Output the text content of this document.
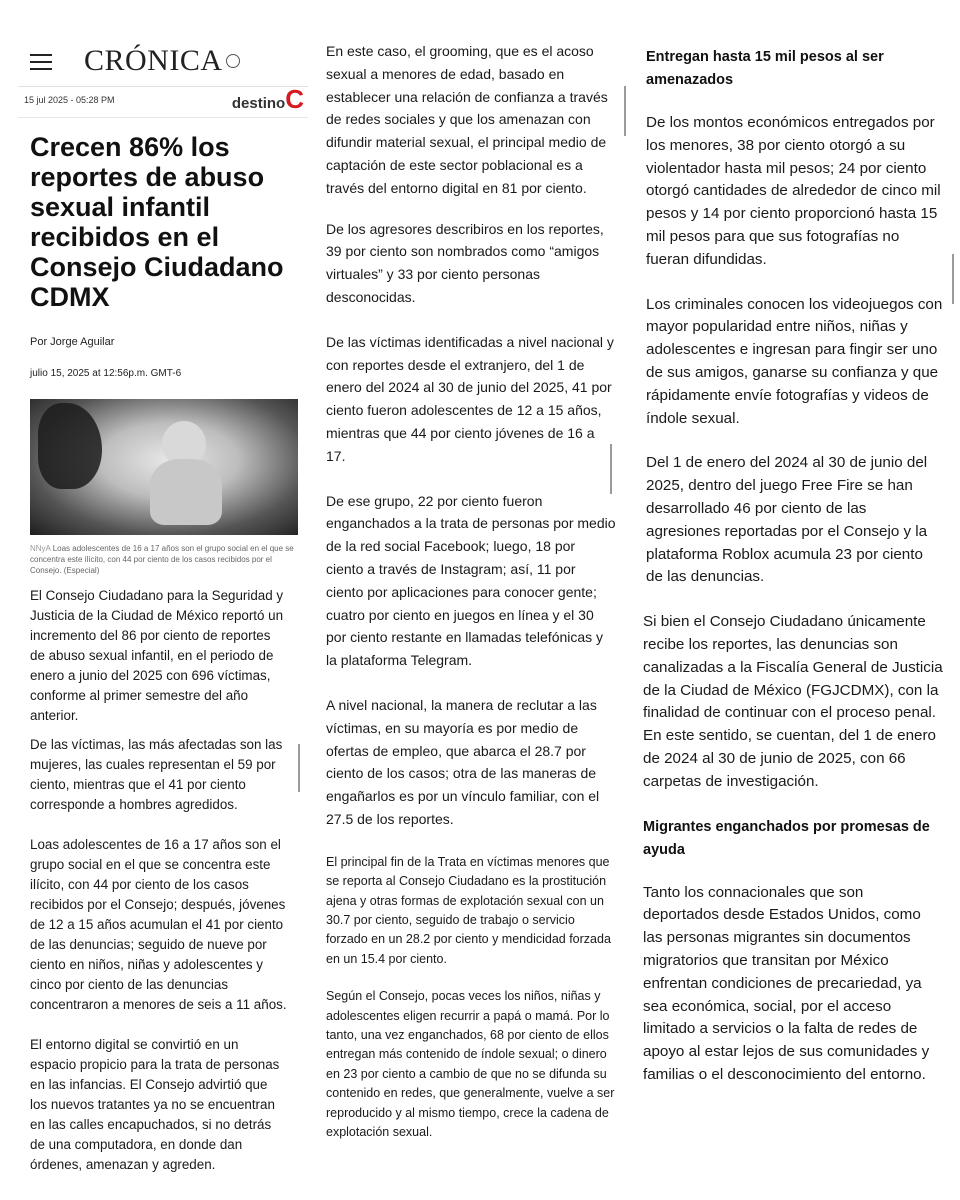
CRÓNICA
15 jul 2025 - 05:28 PM	destinoC
Crecen 86% los reportes de abuso sexual infantil recibidos en el Consejo Ciudadano CDMX
Por Jorge Aguilar
julio 15, 2025 at 12:56p.m. GMT-6
NNyA Loas adolescentes de 16 a 17 años son el grupo social en el que se concentra este ilícito, con 44 por ciento de los casos recibidos por el Consejo. (Especial)

El Consejo Ciudadano para la Seguridad y Justicia de la Ciudad de México reportó un incremento del 86 por ciento de reportes de abuso sexual infantil, en el periodo de enero a junio del 2025 con 696 víctimas, conforme al primer semestre del año anterior.

De las víctimas, las más afectadas son las mujeres, las cuales representan el 59 por ciento, mientras que el 41 por ciento corresponde a hombres agredidos.

Loas adolescentes de 16 a 17 años son el grupo social en el que se concentra este ilícito, con 44 por ciento de los casos recibidos por el Consejo; después, jóvenes de 12 a 15 años acumulan el 41 por ciento de las denuncias; seguido de nueve por ciento en niños, niñas y adolescentes y cinco por ciento de las denuncias concentraron a menores de seis a 11 años.

El entorno digital se convirtió en un espacio propicio para la trata de personas en las infancias. El Consejo advirtió que los nuevos tratantes ya no se encuentran en las calles encapuchados, si no detrás de una computadora, en donde dan órdenes, amenazan y agreden.

En este caso, el grooming, que es el acoso sexual a menores de edad, basado en establecer una relación de confianza a través de redes sociales y que los amenazan con difundir material sexual, el principal medio de captación de este sector poblacional es a través del entorno digital en 81 por ciento.

De los agresores describiros en los reportes, 39 por ciento son nombrados como “amigos virtuales” y 33 por ciento personas desconocidas.

De las víctimas identificadas a nivel nacional y con reportes desde el extranjero, del 1 de enero del 2024 al 30 de junio del 2025, 41 por ciento fueron adolescentes de 12 a 15 años, mientras que 44 por ciento jóvenes de 16 a 17.

De ese grupo, 22 por ciento fueron enganchados a la trata de personas por medio de la red social Facebook; luego, 18 por ciento a través de Instagram; así, 11 por ciento por aplicaciones para conocer gente; cuatro por ciento en juegos en línea y el 30 por ciento restante en llamadas telefónicas y la plataforma Telegram.

A nivel nacional, la manera de reclutar a las víctimas, en su mayoría es por medio de ofertas de empleo, que abarca el 28.7 por ciento de los casos; otra de las maneras de engañarlos es por un vínculo familiar, con el 27.5 de los reportes.

El principal fin de la Trata en víctimas menores que se reporta al Consejo Ciudadano es la prostitución ajena y otras formas de explotación sexual con un 30.7 por ciento, seguido de trabajo o servicio forzado en un 28.2 por ciento y mendicidad forzada en un 15.4 por ciento.

Según el Consejo, pocas veces los niños, niñas y adolescentes eligen recurrir a papá o mamá. Por lo tanto, una vez enganchados, 68 por ciento de ellos entregan más contenido de índole sexual; o dinero en 23 por ciento a cambio de que no se difunda su contenido en redes, que generalmente, vuelve a ser reproducido y al mismo tiempo, crece la cadena de explotación sexual.

Entregan hasta 15 mil pesos al ser amenazados

De los montos económicos entregados por los menores, 38 por ciento otorgó a su violentador hasta mil pesos; 24 por ciento otorgó cantidades de alrededor de cinco mil pesos y 14 por ciento proporcionó hasta 15 mil pesos para que sus fotografías no fueran difundidas.

Los criminales conocen los videojuegos con mayor popularidad entre niños, niñas y adolescentes e ingresan para fingir ser uno de sus amigos, ganarse su confianza y que rápidamente envíe fotografías y videos de índole sexual.

Del 1 de enero del 2024 al 30 de junio del 2025, dentro del juego Free Fire se han desarrollado 46 por ciento de las agresiones reportadas por el Consejo y la plataforma Roblox acumula 23 por ciento de las denuncias.

Si bien el Consejo Ciudadano únicamente recibe los reportes, las denuncias son canalizadas a la Fiscalía General de Justicia de la Ciudad de México (FGJCDMX), con la finalidad de continuar con el proceso penal. En este sentido, se cuentan, del 1 de enero de 2024 al 30 de junio de 2025, con 66 carpetas de investigación.

Migrantes enganchados por promesas de ayuda

Tanto los connacionales que son deportados desde Estados Unidos, como las personas migrantes sin documentos migratorios que transitan por México enfrentan condiciones de precariedad, ya sea económica, social, por el acceso limitado a servicios o la falta de redes de apoyo al estar lejos de sus comunidades y familias o el desconocimiento del entorno.
